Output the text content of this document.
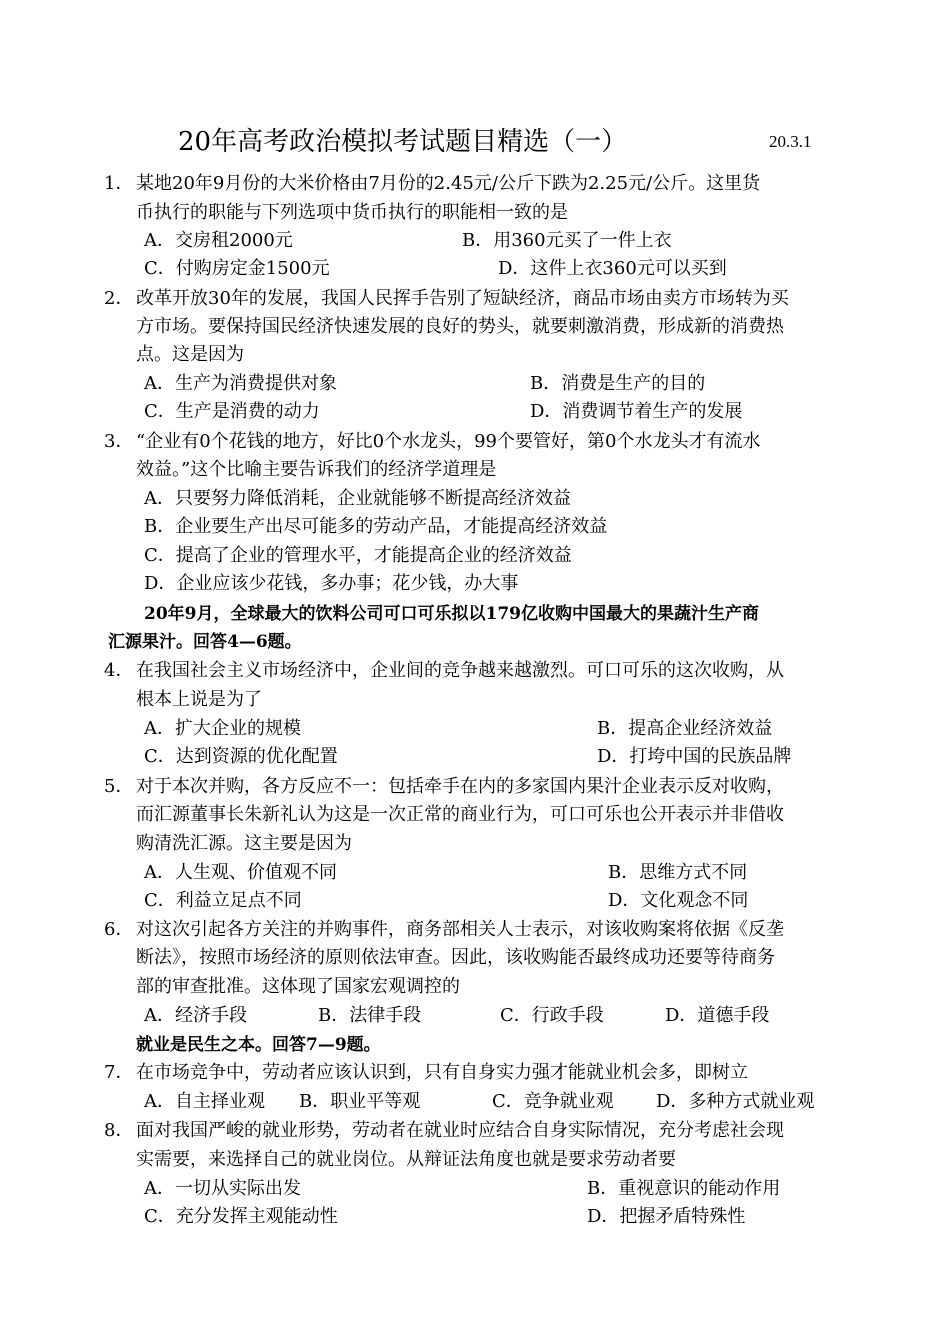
20年高考政治模拟考试题目精选（一）	20.3.1
1． 某地20年9月份的大米价格由7月份的2.45元/公斤下跌为2.25元/公斤。这里货
币执行的职能与下列选项中货币执行的职能相一致的是
A．交房租2000元	B．用360元买了一件上衣
C．付购房定金1500元	D．这件上衣360元可以买到
2． 改革开放30年的发展，我国人民挥手告别了短缺经济，商品市场由卖方市场转为买
方市场。要保持国民经济快速发展的良好的势头，就要刺激消费，形成新的消费热
点。这是因为
A．生产为消费提供对象	B．消费是生产的目的
C．生产是消费的动力	D．消费调节着生产的发展
3． “企业有0个花钱的地方，好比0个水龙头，99个要管好，第0个水龙头才有流水
效益。”这个比喻主要告诉我们的经济学道理是
A．只要努力降低消耗，企业就能够不断提高经济效益
B．企业要生产出尽可能多的劳动产品，才能提高经济效益
C．提高了企业的管理水平，才能提高企业的经济效益
D．企业应该少花钱，多办事；花少钱，办大事
20年9月，全球最大的饮料公司可口可乐拟以179亿收购中国最大的果蔬汁生产商
汇源果汁。回答4—6题。
4． 在我国社会主义市场经济中，企业间的竞争越来越激烈。可口可乐的这次收购，从
根本上说是为了
A．扩大企业的规模	B．提高企业经济效益
C．达到资源的优化配置	D．打垮中国的民族品牌
5． 对于本次并购，各方反应不一：包括牵手在内的多家国内果汁企业表示反对收购，
而汇源董事长朱新礼认为这是一次正常的商业行为，可口可乐也公开表示并非借收
购清洗汇源。这主要是因为
A．人生观、价值观不同	B．思维方式不同
C．利益立足点不同	D．文化观念不同
6． 对这次引起各方关注的并购事件，商务部相关人士表示，对该收购案将依据《反垄
断法》，按照市场经济的原则依法审查。因此，该收购能否最终成功还要等待商务
部的审查批准。这体现了国家宏观调控的
A．经济手段	B．法律手段	C．行政手段	D．道德手段
就业是民生之本。回答7—9题。
7． 在市场竞争中，劳动者应该认识到，只有自身实力强才能就业机会多，即树立
A．自主择业观 B．职业平等观	C．竞争就业观 D．多种方式就业观
8． 面对我国严峻的就业形势，劳动者在就业时应结合自身实际情况，充分考虑社会现
实需要，来选择自己的就业岗位。从辩证法角度也就是要求劳动者要
A．一切从实际出发	B．重视意识的能动作用
C．充分发挥主观能动性	D．把握矛盾特殊性
